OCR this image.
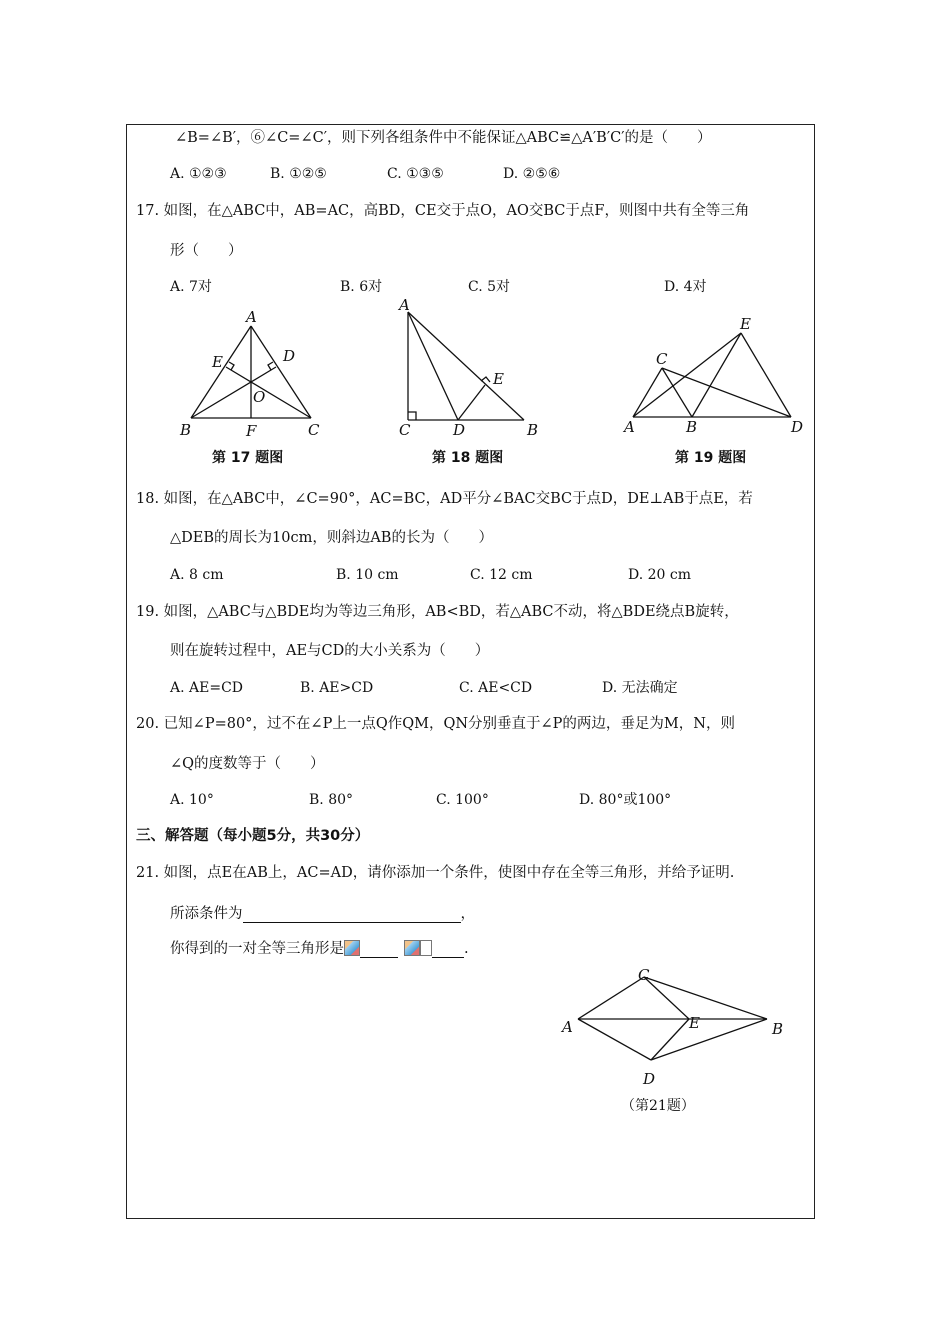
∠B=∠B′，⑥∠C=∠C′，则下列各组条件中不能保证△ABC≌△A′B′C′的是（　　）
A. ①②③	B. ①②⑤	C. ①③⑤	D. ②⑤⑥
17. 如图，在△ABC中，AB=AC，高BD，CE交于点O，AO交BC于点F，则图中共有全等三角
形（　　）
A. 7对	B. 6对	C. 5对	D. 4对
A
E	D
O
B	F	C
第 17 题图
A
E
C	D	B
第 18 题图
E
C
A	B	D
第 19 题图
18. 如图，在△ABC中，∠C=90°，AC=BC，AD平分∠BAC交BC于点D，DE⊥AB于点E，若
△DEB的周长为10cm，则斜边AB的长为（　　）
A. 8 cm	B. 10 cm	C. 12 cm	D. 20 cm
19. 如图，△ABC与△BDE均为等边三角形，AB<BD，若△ABC不动，将△BDE绕点B旋转，
则在旋转过程中，AE与CD的大小关系为（　　）
A. AE=CD	B. AE>CD	C. AE<CD	D. 无法确定
20. 已知∠P=80°，过不在∠P上一点Q作QM，QN分别垂直于∠P的两边，垂足为M，N，则
∠Q的度数等于（　　）
A. 10°	B. 80°	C. 100°	D. 80°或100°
三、解答题（每小题5分，共30分）
21. 如图，点E在AB上，AC=AD，请你添加一个条件，使图中存在全等三角形，并给予证明.
所添条件为	，
你得到的一对全等三角形是	.
C
A	E	B
D
（第21题）
